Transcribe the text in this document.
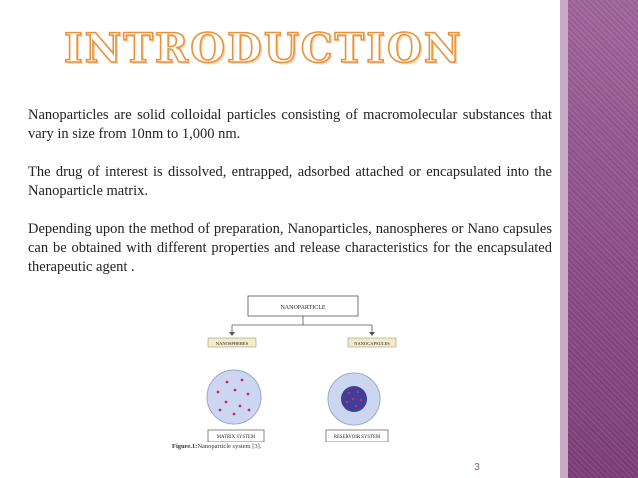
INTRODUCTION

Nanoparticles are solid colloidal particles consisting of macromolecular substances that vary in size from 10nm to 1,000 nm.

The drug of interest is dissolved, entrapped, adsorbed attached or encapsulated into the Nanoparticle matrix.

Depending upon the method of preparation, Nanoparticles, nanospheres or Nano capsules can be obtained with different properties and release characteristics for the encapsulated therapeutic agent .

NANOPARTICLE
NANOSPHERES	NANOCAPSULES
MATRIX SYSTEM	RESERVOIR SYSTEM
Figure.1:Nanoparticle system [3].
3
